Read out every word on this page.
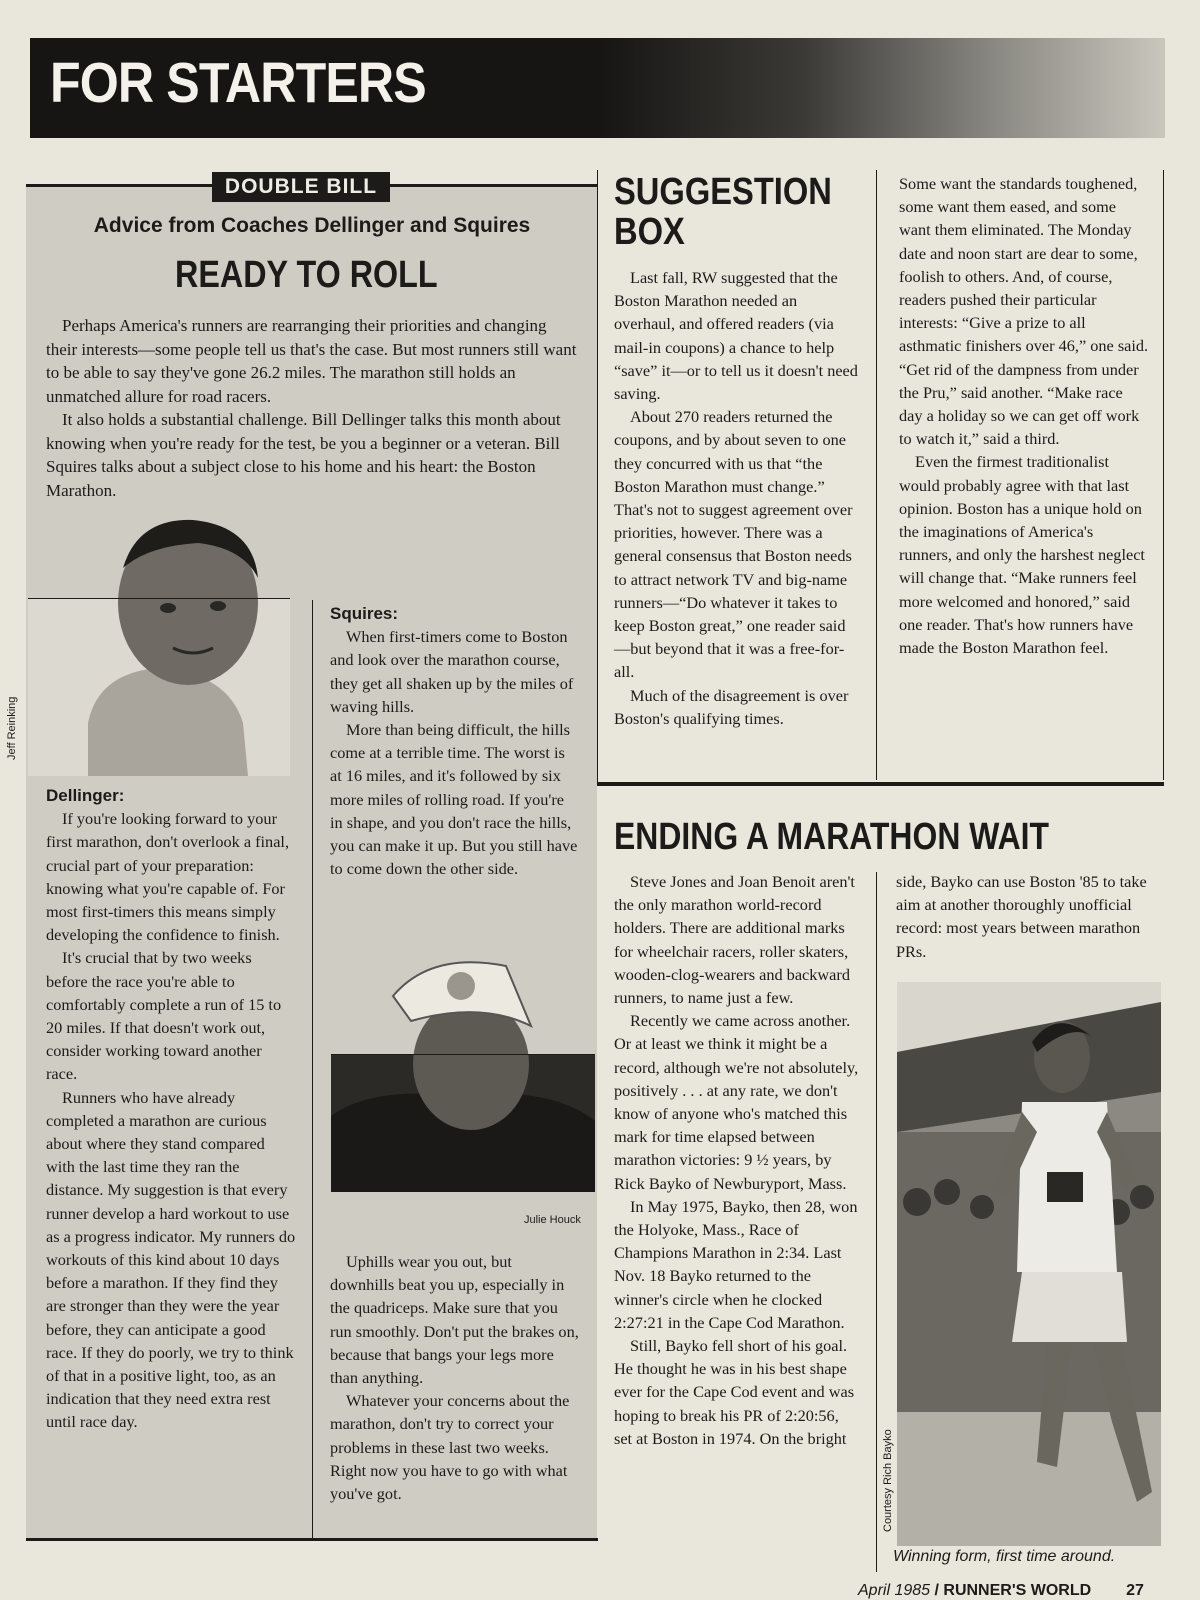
FOR STARTERS
DOUBLE BILL
Advice from Coaches Dellinger and Squires
READY TO ROLL

Perhaps America's runners are rearranging their priorities and changing their interests—some people tell us that's the case. But most runners still want to be able to say they've gone 26.2 miles. The marathon still holds an unmatched allure for road racers.

It also holds a substantial challenge. Bill Dellinger talks this month about knowing when you're ready for the test, be you a beginner or a veteran. Bill Squires talks about a subject close to his home and his heart: the Boston Marathon.

Jeff Reinking

Dellinger:

If you're looking forward to your first marathon, don't overlook a final, crucial part of your preparation: knowing what you're capable of. For most first-timers this means simply developing the confidence to finish.

It's crucial that by two weeks before the race you're able to comfortably complete a run of 15 to 20 miles. If that doesn't work out, consider working toward another race.

Runners who have already completed a marathon are curious about where they stand compared with the last time they ran the distance. My suggestion is that every runner develop a hard workout to use as a progress indicator. My runners do workouts of this kind about 10 days before a marathon. If they find they are stronger than they were the year before, they can anticipate a good race. If they do poorly, we try to think of that in a positive light, too, as an indication that they need extra rest until race day.

Squires:

When first-timers come to Boston and look over the marathon course, they get all shaken up by the miles of waving hills.

More than being difficult, the hills come at a terrible time. The worst is at 16 miles, and it's followed by six more miles of rolling road. If you're in shape, and you don't race the hills, you can make it up. But you still have to come down the other side.

Julie Houck

Uphills wear you out, but downhills beat you up, especially in the quadriceps. Make sure that you run smoothly. Don't put the brakes on, because that bangs your legs more than anything.

Whatever your concerns about the marathon, don't try to correct your problems in these last two weeks. Right now you have to go with what you've got.

SUGGESTION
BOX

Last fall, RW suggested that the Boston Marathon needed an overhaul, and offered readers (via mail-in coupons) a chance to help “save” it—or to tell us it doesn't need saving.

About 270 readers returned the coupons, and by about seven to one they concurred with us that “the Boston Marathon must change.” That's not to suggest agreement over priorities, however. There was a general consensus that Boston needs to attract network TV and big-name runners—“Do whatever it takes to keep Boston great,” one reader said—but beyond that it was a free-for-all.

Much of the disagreement is over Boston's qualifying times.

Some want the standards toughened, some want them eased, and some want them eliminated. The Monday date and noon start are dear to some, foolish to others. And, of course, readers pushed their particular interests: “Give a prize to all asthmatic finishers over 46,” one said. “Get rid of the dampness from under the Pru,” said another. “Make race day a holiday so we can get off work to watch it,” said a third.

Even the firmest traditionalist would probably agree with that last opinion. Boston has a unique hold on the imaginations of America's runners, and only the harshest neglect will change that. “Make runners feel more welcomed and honored,” said one reader. That's how runners have made the Boston Marathon feel.

ENDING A MARATHON WAIT

Steve Jones and Joan Benoit aren't the only marathon world-record holders. There are additional marks for wheelchair racers, roller skaters, wooden-clog-wearers and backward runners, to name just a few.

Recently we came across another. Or at least we think it might be a record, although we're not absolutely, positively . . . at any rate, we don't know of anyone who's matched this mark for time elapsed between marathon victories: 9 ½ years, by Rick Bayko of Newburyport, Mass.

In May 1975, Bayko, then 28, won the Holyoke, Mass., Race of Champions Marathon in 2:34. Last Nov. 18 Bayko returned to the winner's circle when he clocked 2:27:21 in the Cape Cod Marathon.

Still, Bayko fell short of his goal. He thought he was in his best shape ever for the Cape Cod event and was hoping to break his PR of 2:20:56, set at Boston in 1974. On the bright

side, Bayko can use Boston '85 to take aim at another thoroughly unofficial record: most years between marathon PRs.

Courtesy Rich Bayko
Winning form, first time around.
April 1985 / RUNNER'S WORLD 27
